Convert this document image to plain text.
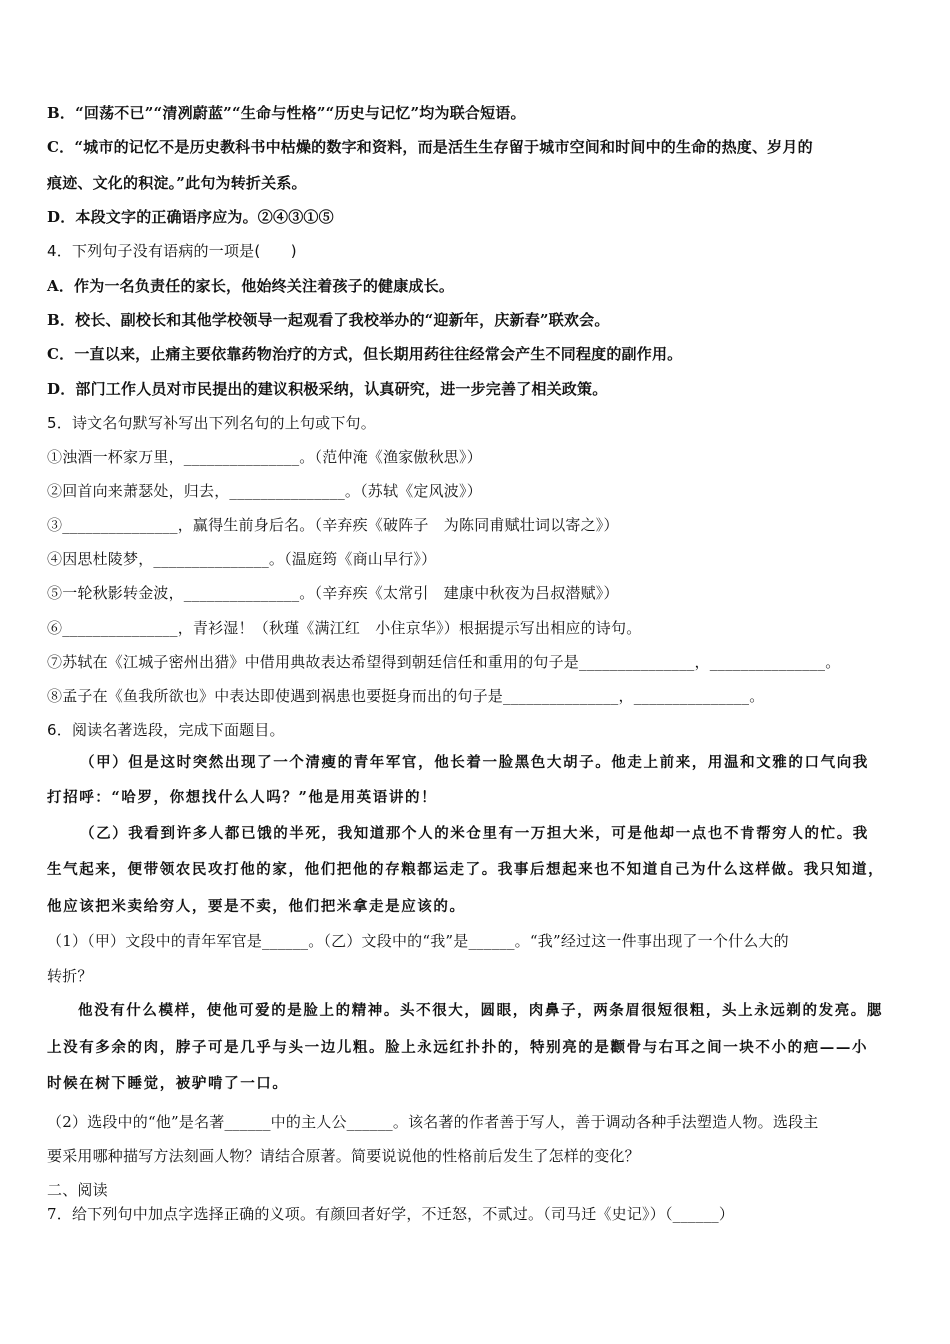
B．“回荡不已”“清冽蔚蓝”“生命与性格”“历史与记忆”均为联合短语。
C．“城市的记忆不是历史教科书中枯燥的数字和资料，而是活生生存留于城市空间和时间中的生命的热度、岁月的
痕迹、文化的积淀。”此句为转折关系。
D．本段文字的正确语序应为。②④③①⑤
4．下列句子没有语病的一项是(　　)
A．作为一名负责任的家长，他始终关注着孩子的健康成长。
B．校长、副校长和其他学校领导一起观看了我校举办的“迎新年，庆新春”联欢会。
C．一直以来，止痛主要依靠药物治疗的方式，但长期用药往往经常会产生不同程度的副作用。
D．部门工作人员对市民提出的建议积极采纳，认真研究，进一步完善了相关政策。
5．诗文名句默写补写出下列名句的上句或下句。
①浊酒一杯家万里，_______________。（范仲淹《渔家傲秋思》）
②回首向来萧瑟处，归去，_______________。（苏轼《定风波》）
③_______________，赢得生前身后名。（辛弃疾《破阵子　为陈同甫赋壮词以寄之》）
④因思杜陵梦，_______________。（温庭筠《商山早行》）
⑤一轮秋影转金波，_______________。（辛弃疾《太常引　建康中秋夜为吕叔潜赋》）
⑥_______________，青衫湿！（秋瑾《满江红　小住京华》）根据提示写出相应的诗句。
⑦苏轼在《江城子密州出猎》中借用典故表达希望得到朝廷信任和重用的句子是_______________，_______________。
⑧孟子在《鱼我所欲也》中表达即使遇到祸患也要挺身而出的句子是_______________，_______________。
6．阅读名著选段，完成下面题目。
（甲）但是这时突然出现了一个清瘦的青年军官，他长着一脸黑色大胡子。他走上前来，用温和文雅的口气向我
打招呼：“哈罗，你想找什么人吗？”他是用英语讲的！
（乙）我看到许多人都已饿的半死，我知道那个人的米仓里有一万担大米，可是他却一点也不肯帮穷人的忙。我
生气起来，便带领农民攻打他的家，他们把他的存粮都运走了。我事后想起来也不知道自己为什么这样做。我只知道，
他应该把米卖给穷人，要是不卖，他们把米拿走是应该的。
（1）（甲）文段中的青年军官是______。（乙）文段中的“我”是______。“我”经过这一件事出现了一个什么大的
转折？
他没有什么模样，使他可爱的是脸上的精神。头不很大，圆眼，肉鼻子，两条眉很短很粗，头上永远剃的发亮。腮
上没有多余的肉，脖子可是几乎与头一边儿粗。脸上永远红扑扑的，特别亮的是颧骨与右耳之间一块不小的疤——小
时候在树下睡觉，被驴啃了一口。
（2）选段中的“他”是名著______中的主人公______。该名著的作者善于写人，善于调动各种手法塑造人物。选段主
要采用哪种描写方法刻画人物？请结合原著。简要说说他的性格前后发生了怎样的变化？
二、阅读
7．给下列句中加点字选择正确的义项。有颜回者好学，不迁怒，不贰过。（司马迁《史记》）（______）
